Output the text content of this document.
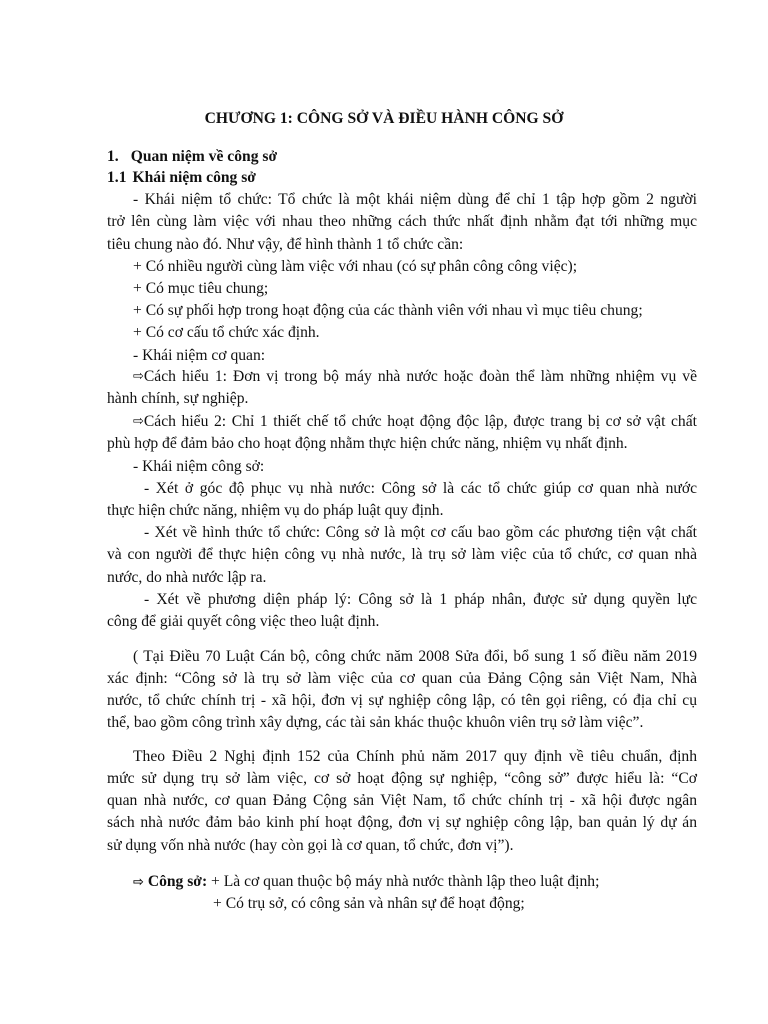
CHƯƠNG 1: CÔNG SỞ VÀ ĐIỀU HÀNH CÔNG SỞ
1. Quan niệm về công sở
1.1 Khái niệm công sở
- Khái niệm tổ chức: Tổ chức là một khái niệm dùng để chỉ 1 tập hợp gồm 2 người
trở lên cùng làm việc với nhau theo những cách thức nhất định nhằm đạt tới những mục
tiêu chung nào đó. Như vậy, để hình thành 1 tổ chức cần:
+ Có nhiều người cùng làm việc với nhau (có sự phân công công việc);
+ Có mục tiêu chung;
+ Có sự phối hợp trong hoạt động của các thành viên với nhau vì mục tiêu chung;
+ Có cơ cấu tổ chức xác định.
- Khái niệm cơ quan:
⇨ Cách hiểu 1: Đơn vị trong bộ máy nhà nước hoặc đoàn thể làm những nhiệm vụ về
hành chính, sự nghiệp.
⇨ Cách hiểu 2: Chỉ 1 thiết chế tổ chức hoạt động độc lập, được trang bị cơ sở vật chất
phù hợp để đảm bảo cho hoạt động nhằm thực hiện chức năng, nhiệm vụ nhất định.
- Khái niệm công sở:
- Xét ở góc độ phục vụ nhà nước: Công sở là các tổ chức giúp cơ quan nhà nước
thực hiện chức năng, nhiệm vụ do pháp luật quy định.
- Xét về hình thức tổ chức: Công sở là một cơ cấu bao gồm các phương tiện vật chất
và con người để thực hiện công vụ nhà nước, là trụ sở làm việc của tổ chức, cơ quan nhà
nước, do nhà nước lập ra.
- Xét về phương diện pháp lý: Công sở là 1 pháp nhân, được sử dụng quyền lực
công để giải quyết công việc theo luật định.
( Tại Điều 70 Luật Cán bộ, công chức năm 2008 Sửa đổi, bổ sung 1 số điều năm 2019
xác định: “Công sở là trụ sở làm việc của cơ quan của Đảng Cộng sản Việt Nam, Nhà
nước, tổ chức chính trị - xã hội, đơn vị sự nghiệp công lập, có tên gọi riêng, có địa chỉ cụ
thể, bao gồm công trình xây dựng, các tài sản khác thuộc khuôn viên trụ sở làm việc”.
Theo Điều 2 Nghị định 152 của Chính phủ năm 2017 quy định về tiêu chuẩn, định
mức sử dụng trụ sở làm việc, cơ sở hoạt động sự nghiệp, “công sở” được hiểu là: “Cơ
quan nhà nước, cơ quan Đảng Cộng sản Việt Nam, tổ chức chính trị - xã hội được ngân
sách nhà nước đảm bảo kinh phí hoạt động, đơn vị sự nghiệp công lập, ban quản lý dự án
sử dụng vốn nhà nước (hay còn gọi là cơ quan, tổ chức, đơn vị”).
⇨ Công sở: + Là cơ quan thuộc bộ máy nhà nước thành lập theo luật định;
+ Có trụ sở, có công sản và nhân sự để hoạt động;
